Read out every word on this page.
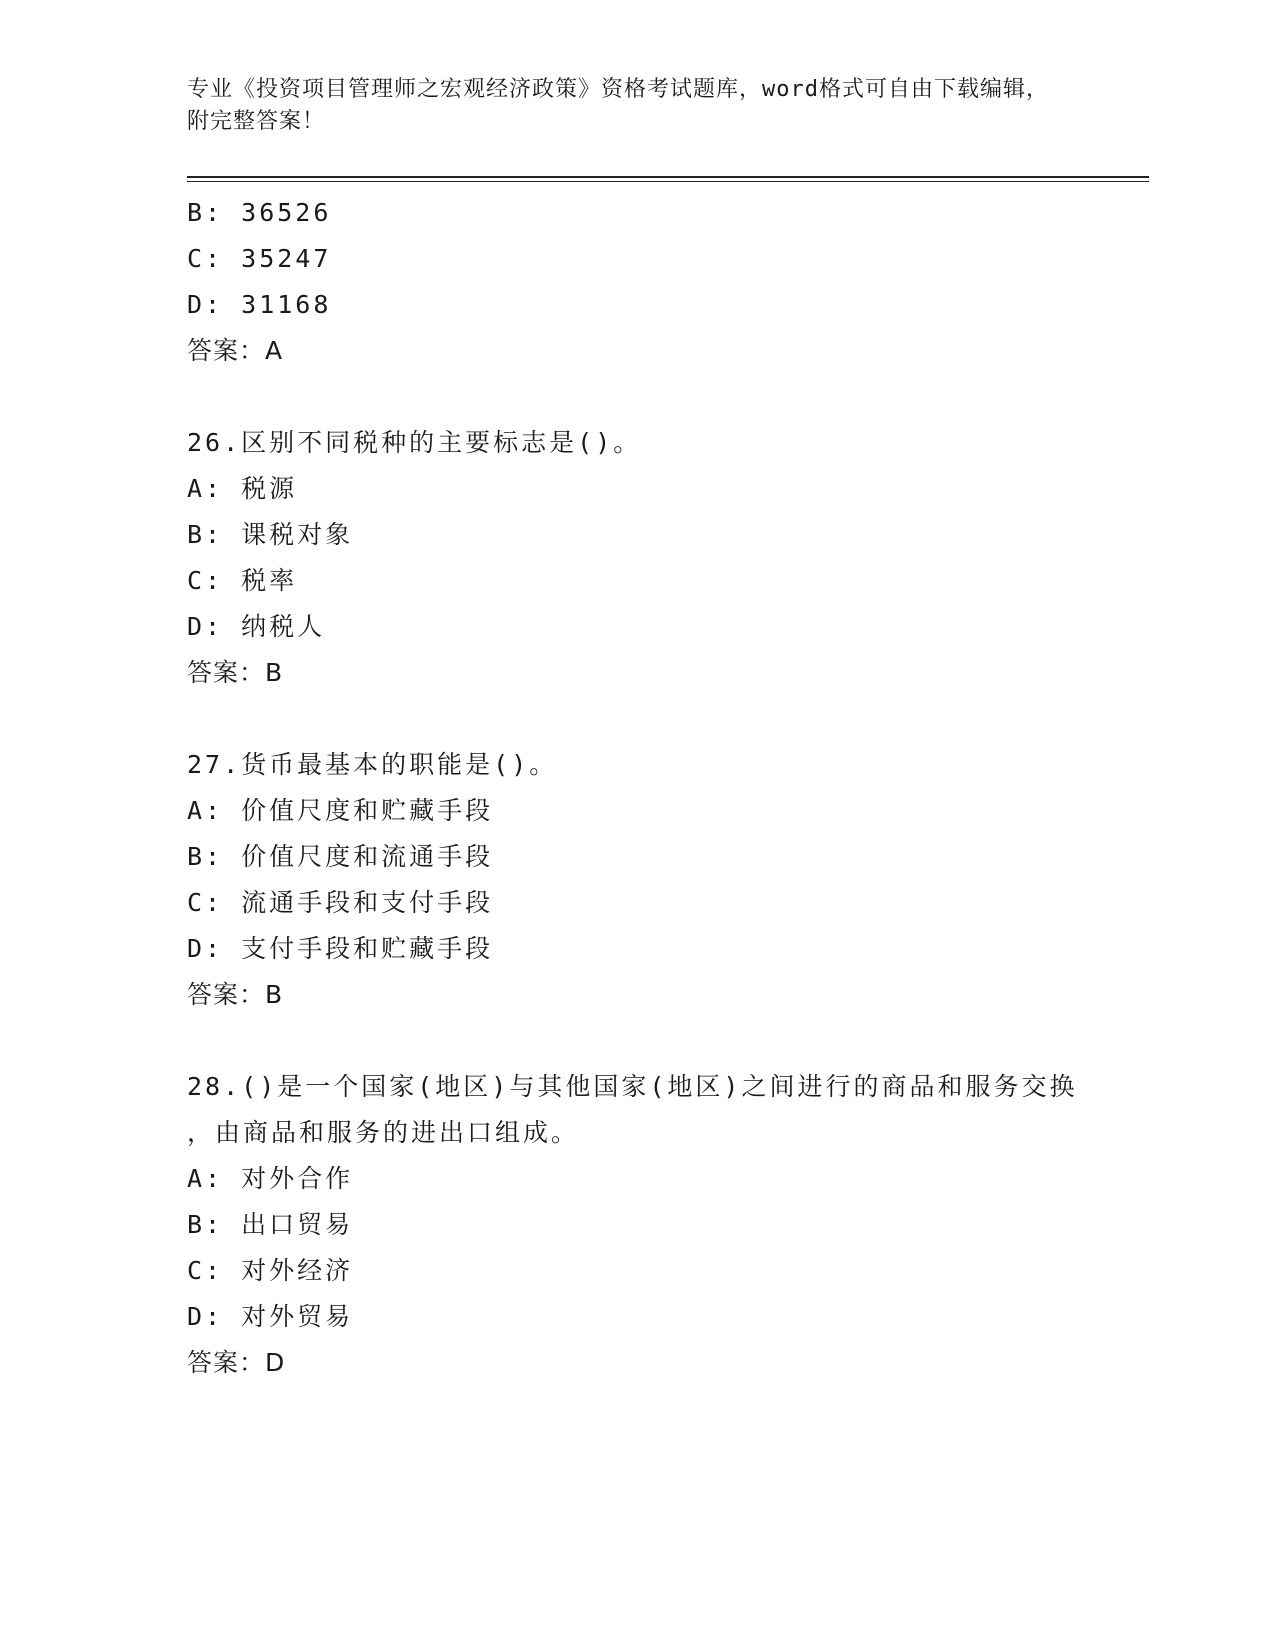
专业《投资项目管理师之宏观经济政策》资格考试题库，word格式可自由下载编辑，附完整答案！
B: 36526
C: 35247
D: 31168
答案：A
26.区别不同税种的主要标志是()。
A: 税源
B: 课税对象
C: 税率
D: 纳税人
答案：B
27.货币最基本的职能是()。
A: 价值尺度和贮藏手段
B: 价值尺度和流通手段
C: 流通手段和支付手段
D: 支付手段和贮藏手段
答案：B
28.()是一个国家(地区)与其他国家(地区)之间进行的商品和服务交换
，由商品和服务的进出口组成。
A: 对外合作
B: 出口贸易
C: 对外经济
D: 对外贸易
答案：D
